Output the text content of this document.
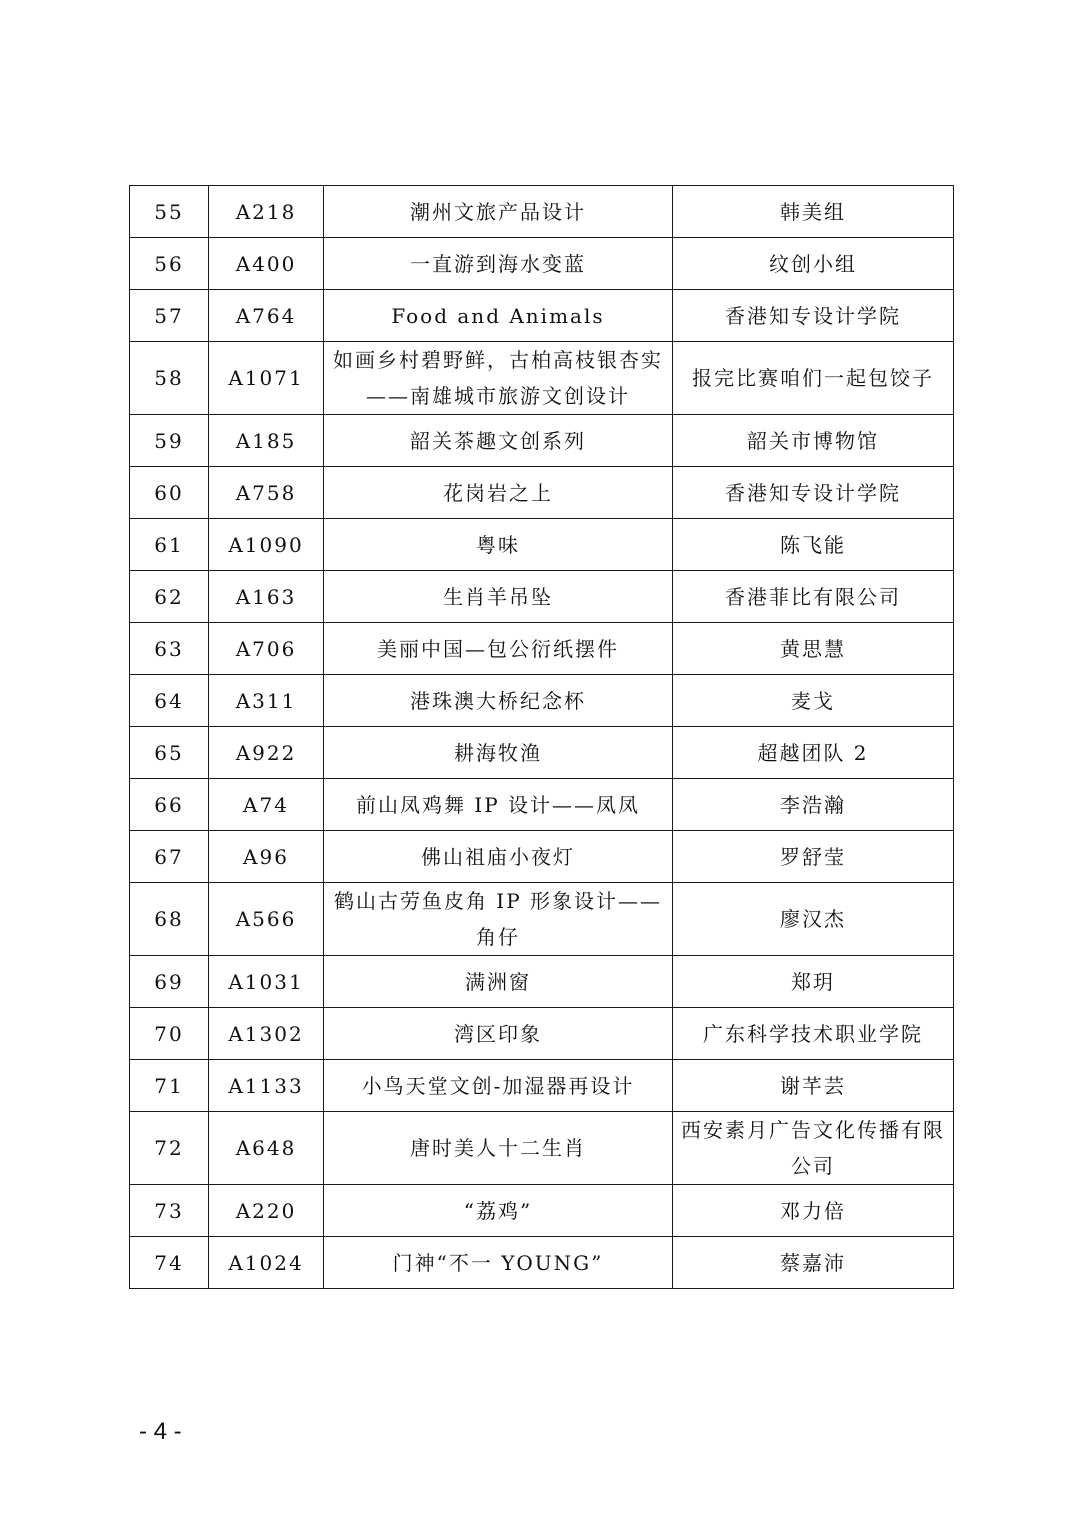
55	A218	潮州文旅产品设计	韩美组
56	A400	一直游到海水变蓝	纹创小组
57	A764	Food and Animals	香港知专设计学院
58	A1071	如画乡村碧野鲜，古柏高枝银杏实——南雄城市旅游文创设计	报完比赛咱们一起包饺子
59	A185	韶关茶趣文创系列	韶关市博物馆
60	A758	花岗岩之上	香港知专设计学院
61	A1090	粤味	陈飞能
62	A163	生肖羊吊坠	香港菲比有限公司
63	A706	美丽中国—包公衍纸摆件	黄思慧
64	A311	港珠澳大桥纪念杯	麦戈
65	A922	耕海牧渔	超越团队 2
66	A74	前山凤鸡舞 IP 设计——凤凤	李浩瀚
67	A96	佛山祖庙小夜灯	罗舒莹
68	A566	鹤山古劳鱼皮角 IP 形象设计——角仔	廖汉杰
69	A1031	满洲窗	郑玥
70	A1302	湾区印象	广东科学技术职业学院
71	A1133	小鸟天堂文创-加湿器再设计	谢芊芸
72	A648	唐时美人十二生肖	西安素月广告文化传播有限公司
73	A220	“荔鸡”	邓力倍
74	A1024	门神“不一 YOUNG”	蔡嘉沛
- 4 -
